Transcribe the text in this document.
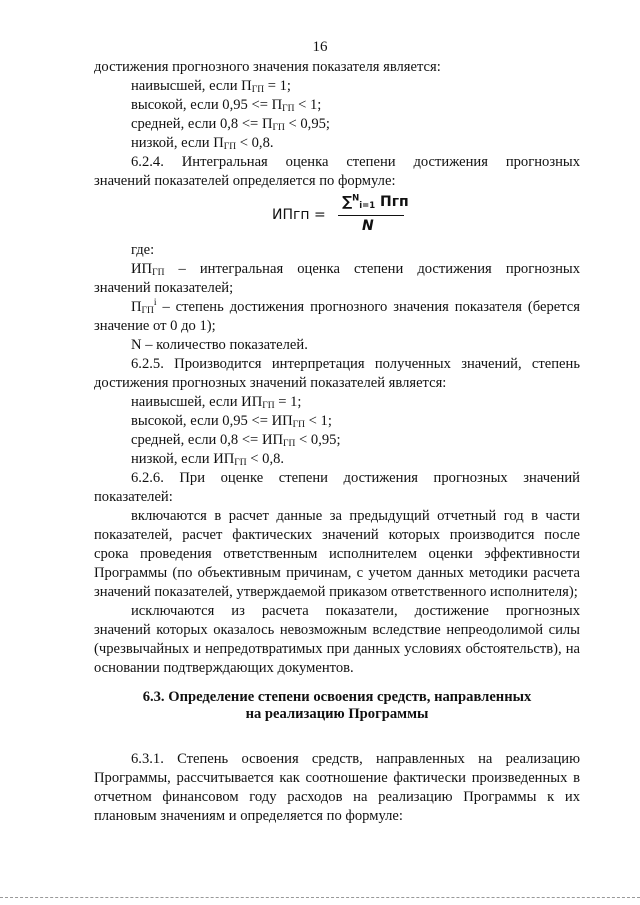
16

достижения прогнозного значения показателя является:

наивысшей, если $П_{ГП} = 1$;

высокой, если $0,95 <= П_{ГП} < 1$;

средней, если $0,8 <= П_{ГП} < 0,95$;

низкой, если $П_{ГП} < 0,8$.

6.2.4. Интегральная оценка степени достижения прогнозных

значений показателей определяется по формуле:

ИПгп =
∑$^N_{i=1}$ Пгп
N

где:

$ИП_{ГП}$ – интегральная оценка степени достижения прогнозных

значений показателей;

$П_{ГП}^i$ – степень достижения прогнозного значения показателя (берется

значение от 0 до 1);

N – количество показателей.

6.2.5. Производится интерпретация полученных значений, степень

достижения прогнозных значений показателей является:

наивысшей, если $ИП_{ГП} = 1$;

высокой, если $0,95 <= ИП_{ГП} < 1$;

средней, если $0,8 <= ИП_{ГП} < 0,95$;

низкой, если $ИП_{ГП} < 0,8$.

6.2.6. При оценке степени достижения прогнозных значений

показателей:

включаются в расчет данные за предыдущий отчетный год в части

показателей, расчет фактических значений которых производится после срока проведения ответственным исполнителем оценки эффективности Программы (по объективным причинам, с учетом данных методики расчета значений показателей, утверждаемой приказом ответственного исполнителя);

исключаются из расчета показатели, достижение прогнозных

значений которых оказалось невозможным вследствие непреодолимой силы (чрезвычайных и непредотвратимых при данных условиях обстоятельств), на основании подтверждающих документов.

6.3. Определение степени освоения средств, направленных
на реализацию Программы

6.3.1. Степень освоения средств, направленных на реализацию

Программы, рассчитывается как соотношение фактически произведенных в отчетном финансовом году расходов на реализацию Программы к их плановым значениям и определяется по формуле:
